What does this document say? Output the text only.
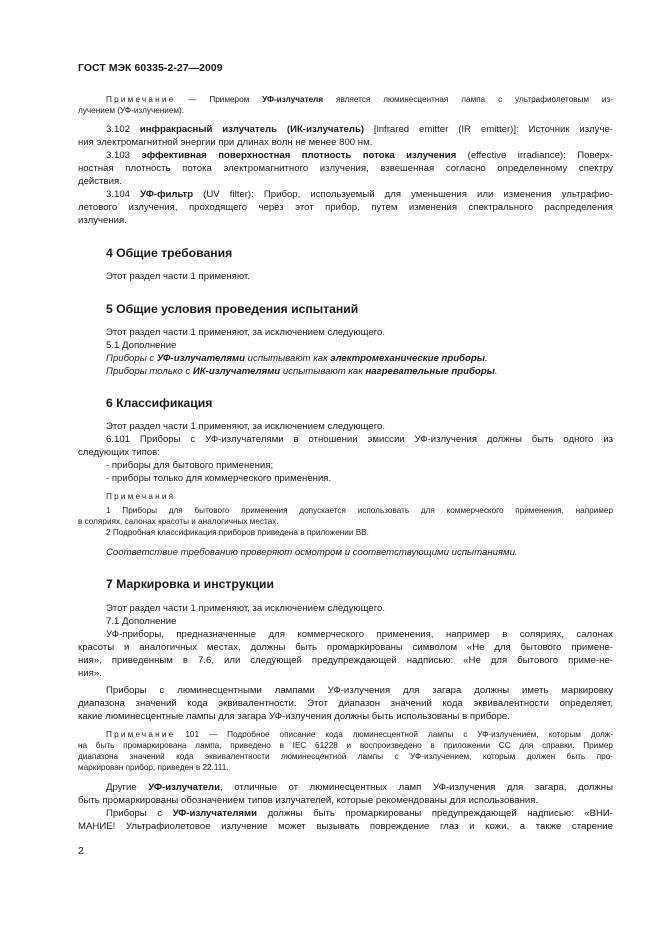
ГОСТ МЭК 60335-2-27—2009
Примечание — Примером УФ-излучателя является люминесцентная лампа с ультрафиолетовым из-
лучением (УФ-излучением).
3.102 инфракрасный излучатель (ИК-излучатель) [infrared emitter (IR emitter)]: Источник излуче-
ния электромагнитной энергии при длинах волн не менее 800 нм.
3.103 эффективная поверхностная плотность потока излучения (effective irradiance): Поверх-
ностная плотность потока электромагнитного излучения, взвешенная согласно определенному спектру
действия.
3.104 УФ-фильтр (UV filter): Прибор, используемый для уменьшения или изменения ультрафио-
летового излучения, проходящего через этот прибор, путем изменения спектрального распределения
излучения.
4 Общие требования
Этот раздел части 1 применяют.
5 Общие условия проведения испытаний
Этот раздел части 1 применяют, за исключением следующего.
5.1 Дополнение
Приборы с УФ-излучателями испытывают как электромеханические приборы.
Приборы только с ИК-излучателями испытывают как нагревательные приборы.
6 Классификация
Этот раздел части 1 применяют, за исключением следующего.
6.101 Приборы с УФ-излучателями в отношении эмиссии УФ-излучения должны быть одного из
следующих типов:
- приборы для бытового применения;
- приборы только для коммерческого применения.
Примечания
1 Приборы для бытового применения допускается использовать для коммерческого применения, например
в соляриях, салонах красоты и аналогичных местах.
2 Подробная классификация приборов приведена в приложении ВВ.
Соответствие требованию проверяют осмотром и соответствующими испытаниями.
7 Маркировка и инструкции
Этот раздел части 1 применяют, за исключением следующего.
7.1 Дополнение
УФ-приборы, предназначенные для коммерческого применения, например в соляриях, салонах
красоты и аналогичных местах, должны быть промаркированы символом «Не для бытового примене-
ния», приведенным в 7.6, или следующей предупреждающей надписью: «Не для бытового приме-не-
ния».
Приборы с люминесцентными лампами УФ-излучения для загара должны иметь маркировку
диапазона значений кода эквивалентности. Этот диапазон значений кода эквивалентности определяет,
какие люминесцентные лампы для загара УФ-излучения должны быть использованы в приборе.
Примечание 101 — Подробное описание кода люминесцентной лампы с УФ-излучением, которым долж-
на быть промаркирована лампа, приведено в IEC 61228 и воспроизведено в приложении СС для справки. Пример
диапазона значений кода эквивалентности люминесцентной лампы с УФ-излучением, которым должен быть про-
маркирован прибор, приведен в 22.111.
Другие УФ-излучатели, отличные от люминесцентных ламп УФ-излучения для загара, должны
быть промаркированы обозначением типов излучателей, которые рекомендованы для использования.
Приборы с УФ-излучателями должны быть промаркированы предупреждающей надписью: «ВНИ-
МАНИЕ! Ультрафиолетовое излучение может вызывать повреждение глаз и кожи, а также старение
2
